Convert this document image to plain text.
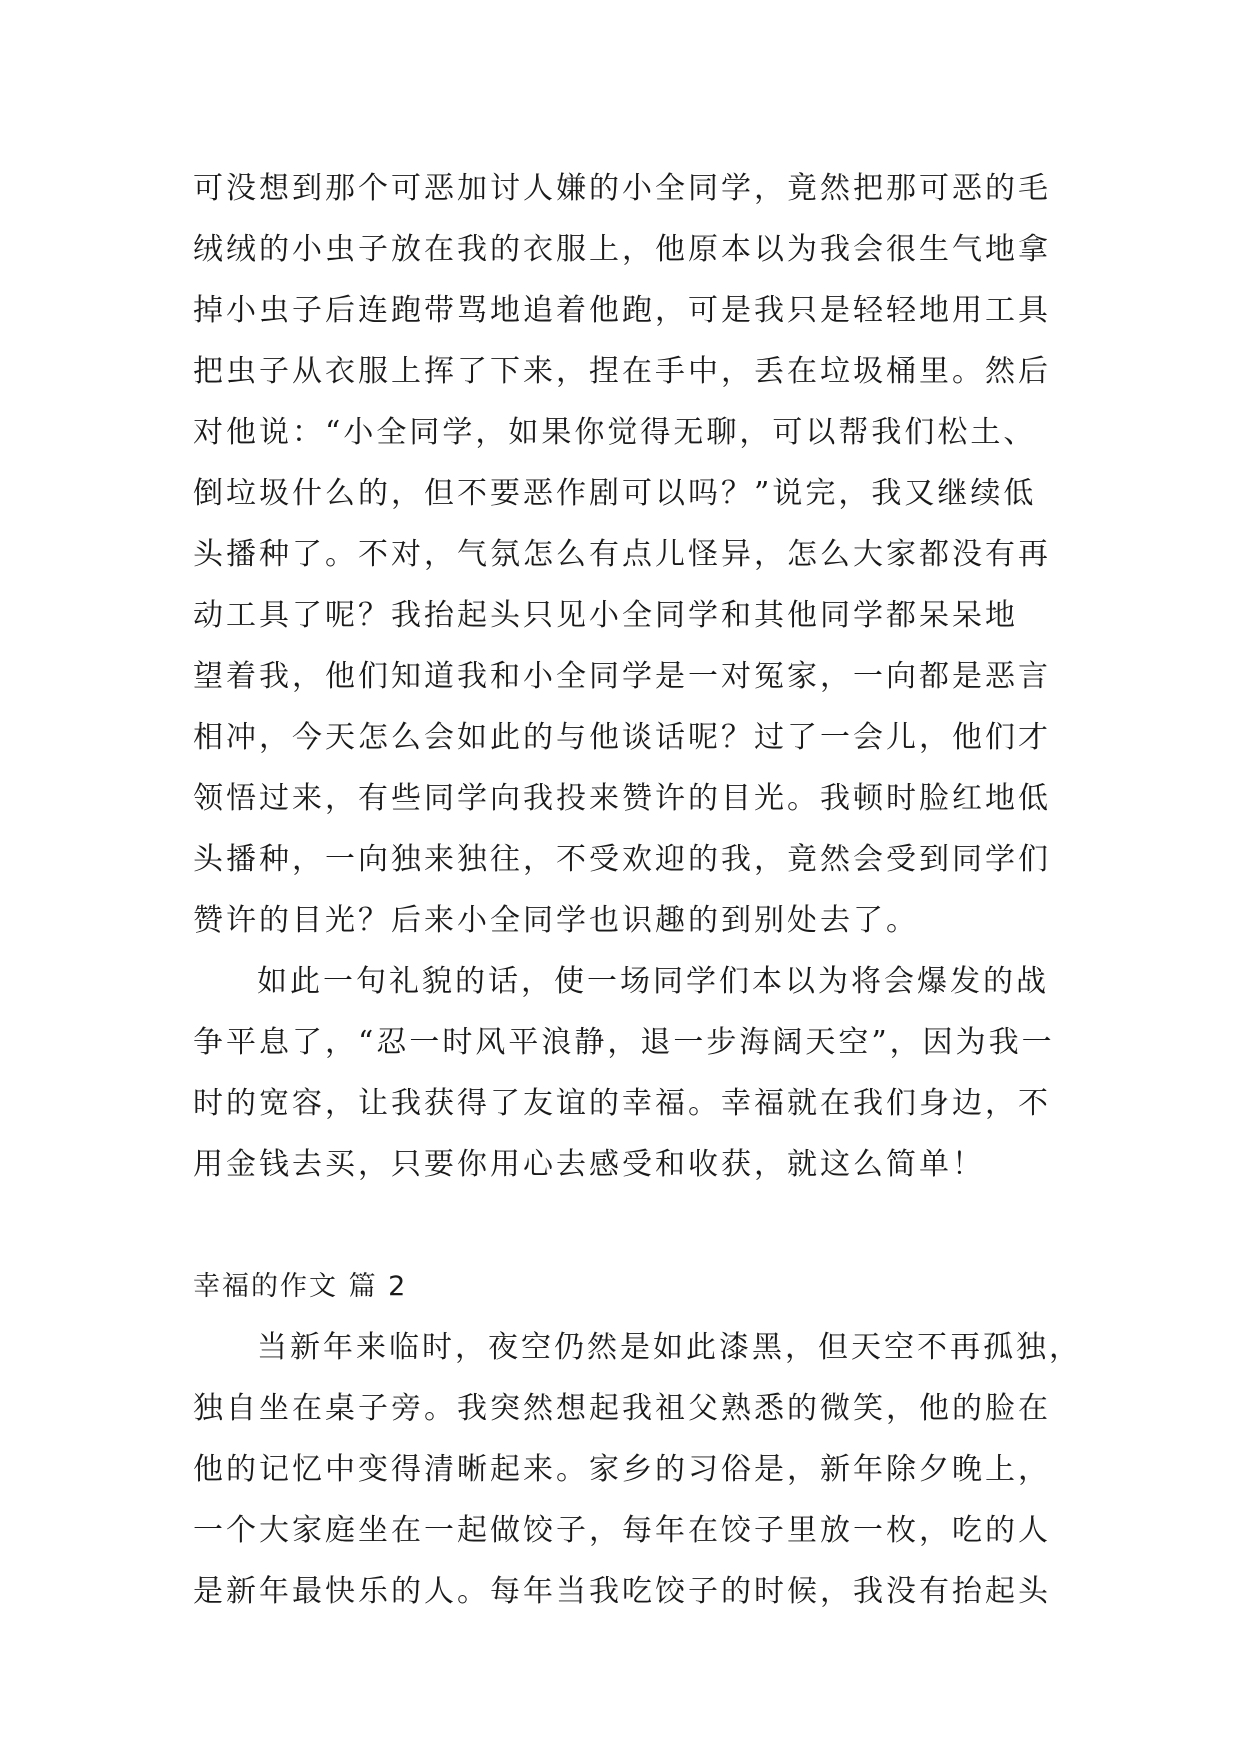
可没想到那个可恶加讨人嫌的小全同学，竟然把那可恶的毛
绒绒的小虫子放在我的衣服上，他原本以为我会很生气地拿
掉小虫子后连跑带骂地追着他跑，可是我只是轻轻地用工具
把虫子从衣服上挥了下来，捏在手中，丢在垃圾桶里。然后
对他说：“小全同学，如果你觉得无聊，可以帮我们松土、
倒垃圾什么的，但不要恶作剧可以吗？”说完，我又继续低
头播种了。不对，气氛怎么有点儿怪异，怎么大家都没有再
动工具了呢？我抬起头只见小全同学和其他同学都呆呆地
望着我，他们知道我和小全同学是一对冤家，一向都是恶言
相冲，今天怎么会如此的与他谈话呢？过了一会儿，他们才
领悟过来，有些同学向我投来赞许的目光。我顿时脸红地低
头播种，一向独来独往，不受欢迎的我，竟然会受到同学们
赞许的目光？后来小全同学也识趣的到别处去了。
如此一句礼貌的话，使一场同学们本以为将会爆发的战
争平息了，“忍一时风平浪静，退一步海阔天空”，因为我一
时的宽容，让我获得了友谊的幸福。幸福就在我们身边，不
用金钱去买，只要你用心去感受和收获，就这么简单！
幸福的作文 篇 2
当新年来临时，夜空仍然是如此漆黑，但天空不再孤独，
独自坐在桌子旁。我突然想起我祖父熟悉的微笑，他的脸在
他的记忆中变得清晰起来。家乡的习俗是，新年除夕晚上，
一个大家庭坐在一起做饺子，每年在饺子里放一枚，吃的人
是新年最快乐的人。每年当我吃饺子的时候，我没有抬起头
